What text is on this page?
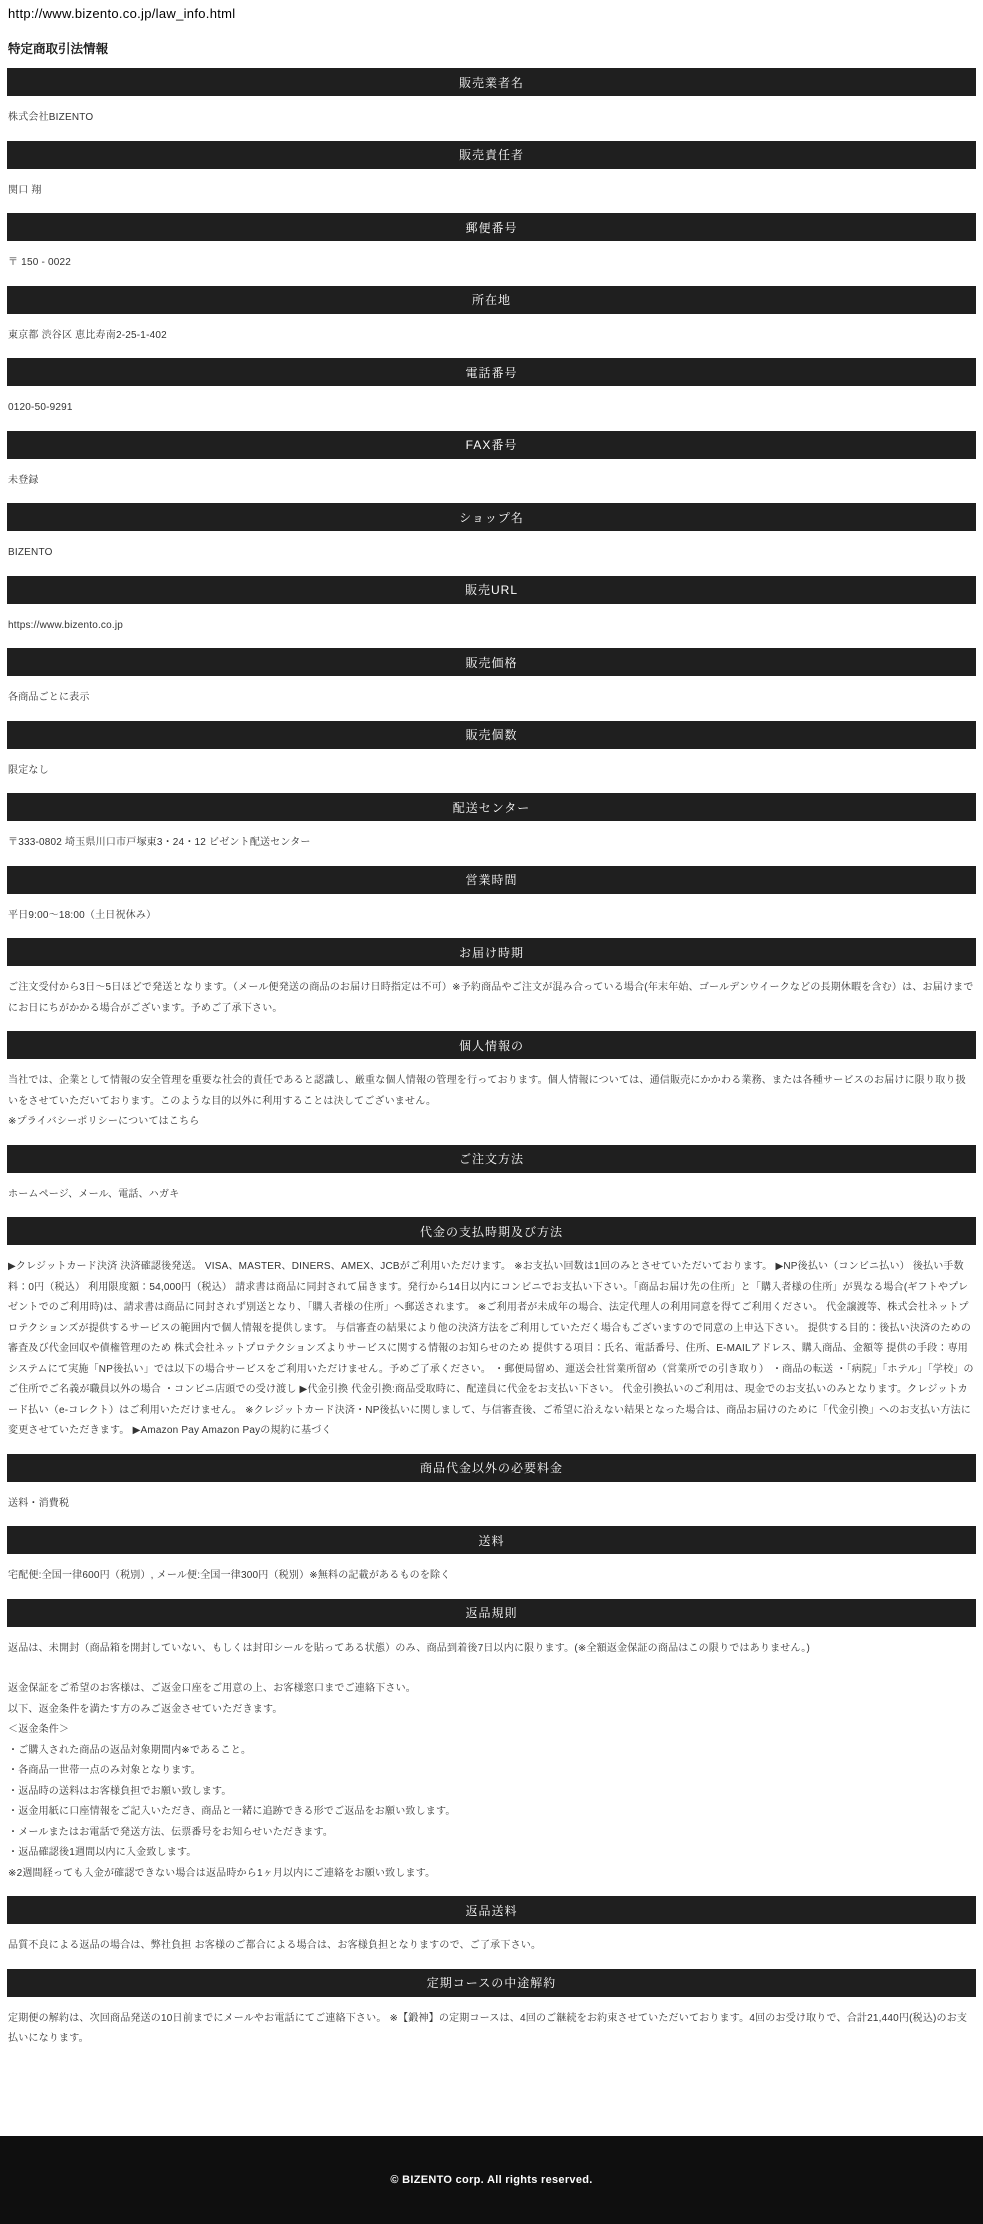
http://www.bizento.co.jp/law_info.html
特定商取引法情報
販売業者名
株式会社BIZENTO
販売責任者
関口 翔
郵便番号
〒 150 - 0022
所在地
東京都 渋谷区 恵比寿南2-25-1-402
電話番号
0120-50-9291
FAX番号
未登録
ショップ名
BIZENTO
販売URL
https://www.bizento.co.jp
販売価格
各商品ごとに表示
販売個数
限定なし
配送センター
〒333-0802 埼玉県川口市戸塚東3・24・12 ビゼント配送センター
営業時間
平日9:00～18:00（土日祝休み）
お届け時期
ご注文受付から3日～5日ほどで発送となります。（メール便発送の商品のお届け日時指定は不可）※予約商品やご注文が混み合っている場合(年末年始、ゴールデンウイークなどの長期休暇を含む）は、お届けまでにお日にちがかかる場合がございます。予めご了承下さい。
個人情報の
当社では、企業として情報の安全管理を重要な社会的責任であると認識し、厳重な個人情報の管理を行っております。個人情報については、通信販売にかかわる業務、または各種サービスのお届けに限り取り扱いをさせていただいております。このような目的以外に利用することは決してございません。
※プライバシーポリシーについてはこちら
ご注文方法
ホームページ、メール、電話、ハガキ
代金の支払時期及び方法
▶クレジットカード決済 決済確認後発送。 VISA、MASTER、DINERS、AMEX、JCBがご利用いただけます。 ※お支払い回数は1回のみとさせていただいております。 ▶NP後払い（コンビニ払い） 後払い手数料：0円（税込） 利用限度額：54,000円（税込） 請求書は商品に同封されて届きます。発行から14日以内にコンビニでお支払い下さい。「商品お届け先の住所」と「購入者様の住所」が異なる場合(ギフトやプレゼントでのご利用時)は、請求書は商品に同封されず別送となり、「購入者様の住所」へ郵送されます。 ※ご利用者が未成年の場合、法定代理人の利用同意を得てご利用ください。 代金譲渡等、株式会社ネットプロテクションズが提供するサービスの範囲内で個人情報を提供します。 与信審査の結果により他の決済方法をご利用していただく場合もございますので同意の上申込下さい。 提供する目的：後払い決済のための審査及び代金回収や債権管理のため 株式会社ネットプロテクションズよりサービスに関する情報のお知らせのため 提供する項目：氏名、電話番号、住所、E-MAILアドレス、購入商品、金額等 提供の手段：専用システムにて実施「NP後払い」では以下の場合サービスをご利用いただけません。予めご了承ください。 ・郵便局留め、運送会社営業所留め（営業所での引き取り） ・商品の転送 ・「病院」「ホテル」「学校」のご住所でご名義が職員以外の場合 ・コンビニ店頭での受け渡し ▶代金引換 代金引換:商品受取時に、配達員に代金をお支払い下さい。 代金引換払いのご利用は、現金でのお支払いのみとなります。クレジットカード払い（e-コレクト）はご利用いただけません。 ※クレジットカード決済・NP後払いに関しまして、与信審査後、ご希望に沿えない結果となった場合は、商品お届けのために「代金引換」へのお支払い方法に変更させていただきます。 ▶Amazon Pay Amazon Payの規約に基づく
商品代金以外の必要料金
送料・消費税
送料
宅配便:全国一律600円（税別）, メール便:全国一律300円（税別）※無料の記載があるものを除く
返品規則
返品は、未開封（商品箱を開封していない、もしくは封印シールを貼ってある状態）のみ、商品到着後7日以内に限ります。(※全額返金保証の商品はこの限りではありません。)
返金保証をご希望のお客様は、ご返金口座をご用意の上、お客様窓口までご連絡下さい。
以下、返金条件を満たす方のみご返金させていただきます。
＜返金条件＞
・ご購入された商品の返品対象期間内※であること。
・各商品一世帯一点のみ対象となります。
・返品時の送料はお客様負担でお願い致します。
・返金用紙に口座情報をご記入いただき、商品と一緒に追跡できる形でご返品をお願い致します。
・メールまたはお電話で発送方法、伝票番号をお知らせいただきます。
・返品確認後1週間以内に入金致します。
※2週間経っても入金が確認できない場合は返品時から1ヶ月以内にご連絡をお願い致します。
返品送料
品質不良による返品の場合は、弊社負担 お客様のご都合による場合は、お客様負担となりますので、ご了承下さい。
定期コースの中途解約
定期便の解約は、次回商品発送の10日前までにメールやお電話にてご連絡下さい。 ※【鍛神】の定期コースは、4回のご継続をお約束させていただいております。4回のお受け取りで、合計21,440円(税込)のお支払いになります。
© BIZENTO corp. All rights reserved.
